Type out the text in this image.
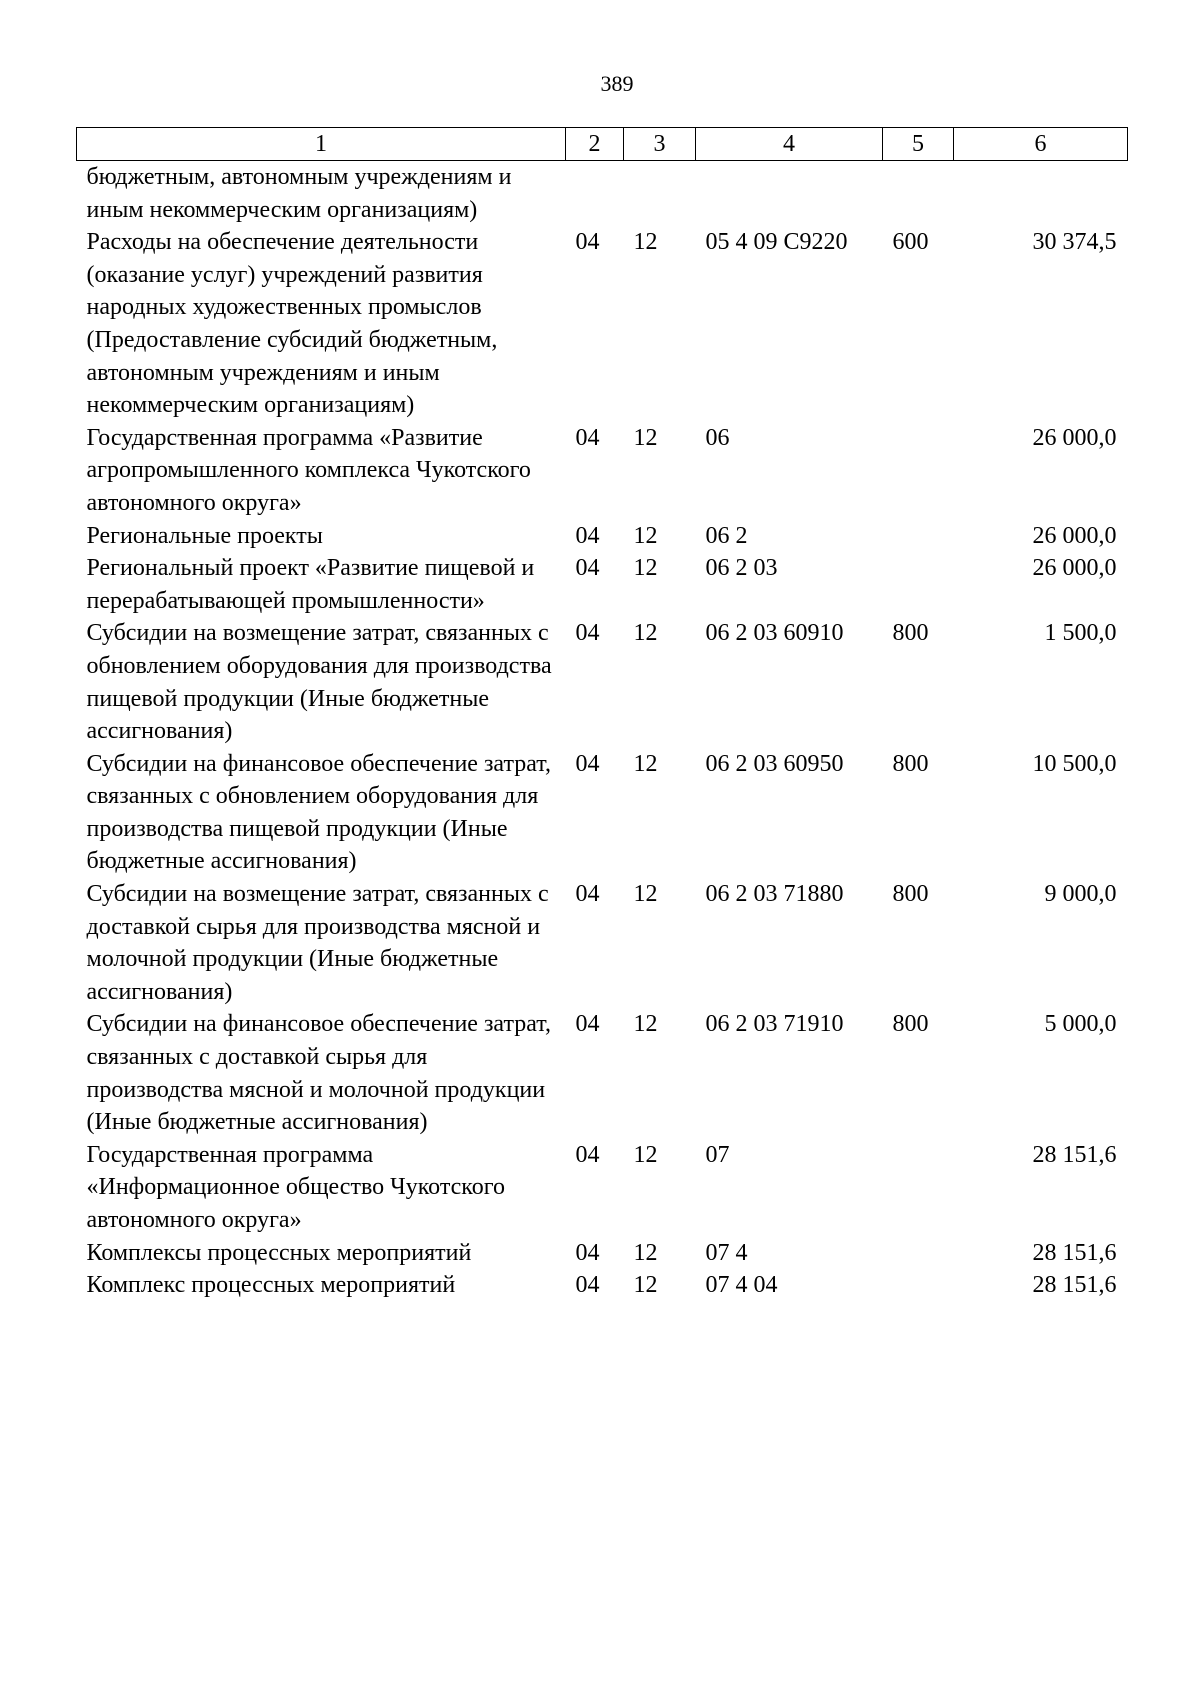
389
1	2	3	4	5	6
бюджетным, автономным учреждениям и иным некоммерческим организациям)					
Расходы на обеспечение деятельности (оказание услуг) учреждений развития народных художественных промыслов (Предоставление субсидий бюджетным, автономным учреждениям и иным некоммерческим организациям)	04	12	05 4 09 С9220	600	30 374,5
Государственная программа «Развитие агропромышленного комплекса Чукотского автономного округа»	04	12	06		26 000,0
Региональные проекты	04	12	06 2		26 000,0
Региональный проект «Развитие пищевой и перерабатывающей промышленности»	04	12	06 2 03		26 000,0
Субсидии на возмещение затрат, связанных с обновлением оборудования для производства пищевой продукции (Иные бюджетные ассигнования)	04	12	06 2 03 60910	800	1 500,0
Субсидии на финансовое обеспечение затрат, связанных с обновлением оборудования для производства пищевой продукции (Иные бюджетные ассигнования)	04	12	06 2 03 60950	800	10 500,0
Субсидии на возмещение затрат, связанных с доставкой сырья для производства мясной и молочной продукции (Иные бюджетные ассигнования)	04	12	06 2 03 71880	800	9 000,0
Субсидии на финансовое обеспечение затрат, связанных с доставкой сырья для производства мясной и молочной продукции (Иные бюджетные ассигнования)	04	12	06 2 03 71910	800	5 000,0
Государственная программа «Информационное общество Чукотского автономного округа»	04	12	07		28 151,6
Комплексы процессных мероприятий	04	12	07 4		28 151,6
Комплекс процессных мероприятий	04	12	07 4 04		28 151,6
